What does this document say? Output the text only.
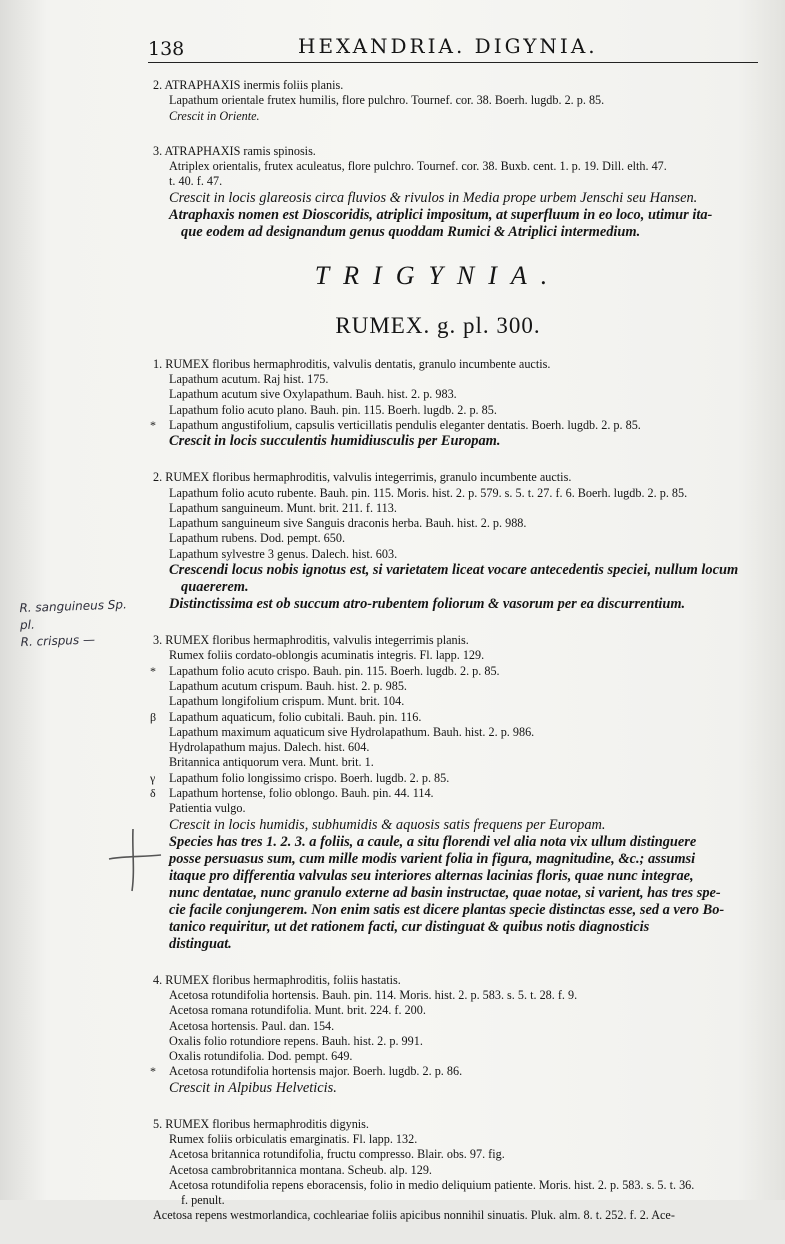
138	HEXANDRIA. DIGYNIA.
2. ATRAPHAXIS inermis foliis planis.
Lapathum orientale frutex humilis, flore pulchro. Tournef. cor. 38. Boerh. lugdb. 2. p. 85.
Crescit in Oriente.
3. ATRAPHAXIS ramis spinosis.
Atriplex orientalis, frutex aculeatus, flore pulchro. Tournef. cor. 38. Buxb. cent. 1. p. 19. Dill. elth. 47.
t. 40. f. 47.
Crescit in locis glareosis circa fluvios & rivulos in Media prope urbem Jenschi seu Hansen.
Atraphaxis nomen est Dioscoridis, atriplici impositum, at superfluum in eo loco, utimur ita-
que eodem ad designandum genus quoddam Rumici & Atriplici intermedium.
TRIGYNIA.
RUMEX. g. pl. 300.
1. RUMEX floribus hermaphroditis, valvulis dentatis, granulo incumbente auctis.
Lapathum acutum. Raj hist. 175.
Lapathum acutum sive Oxylapathum. Bauh. hist. 2. p. 983.
Lapathum folio acuto plano. Bauh. pin. 115. Boerh. lugdb. 2. p. 85.
* Lapathum angustifolium, capsulis verticillatis pendulis eleganter dentatis. Boerh. lugdb. 2. p. 85.
Crescit in locis succulentis humidiusculis per Europam.
2. RUMEX floribus hermaphroditis, valvulis integerrimis, granulo incumbente auctis.
Lapathum folio acuto rubente. Bauh. pin. 115. Moris. hist. 2. p. 579. s. 5. t. 27. f. 6. Boerh. lugdb. 2. p. 85.
Lapathum sanguineum. Munt. brit. 211. f. 113.
Lapathum sanguineum sive Sanguis draconis herba. Bauh. hist. 2. p. 988.
Lapathum rubens. Dod. pempt. 650.
Lapathum sylvestre 3 genus. Dalech. hist. 603.
Crescendi locus nobis ignotus est, si varietatem liceat vocare antecedentis speciei, nullum locum
quaererem.
Distinctissima est ob succum atro-rubentem foliorum & vasorum per ea discurrentium.
3. RUMEX floribus hermaphroditis, valvulis integerrimis planis.
Rumex foliis cordato-oblongis acuminatis integris. Fl. lapp. 129.
* Lapathum folio acuto crispo. Bauh. pin. 115. Boerh. lugdb. 2. p. 85.
Lapathum acutum crispum. Bauh. hist. 2. p. 985.
Lapathum longifolium crispum. Munt. brit. 104.
β Lapathum aquaticum, folio cubitali. Bauh. pin. 116.
Lapathum maximum aquaticum sive Hydrolapathum. Bauh. hist. 2. p. 986.
Hydrolapathum majus. Dalech. hist. 604.
Britannica antiquorum vera. Munt. brit. 1.
γ Lapathum folio longissimo crispo. Boerh. lugdb. 2. p. 85.
δ Lapathum hortense, folio oblongo. Bauh. pin. 44. 114.
Patientia vulgo.
Crescit in locis humidis, subhumidis & aquosis satis frequens per Europam.
Species has tres 1. 2. 3. a foliis, a caule, a situ florendi vel alia nota vix ullum distinguere
posse persuasus sum, cum mille modis varient folia in figura, magnitudine, &c.; assumsi
itaque pro differentia valvulas seu interiores alternas lacinias floris, quae nunc integrae,
nunc dentatae, nunc granulo externe ad basin instructae, quae notae, si varient, has tres spe-
cie facile conjungerem. Non enim satis est dicere plantas specie distinctas esse, sed a vero Bo-
tanico requiritur, ut det rationem facti, cur distinguat & quibus notis diagnosticis
distinguat.
4. RUMEX floribus hermaphroditis, foliis hastatis.
Acetosa rotundifolia hortensis. Bauh. pin. 114. Moris. hist. 2. p. 583. s. 5. t. 28. f. 9.
Acetosa romana rotundifolia. Munt. brit. 224. f. 200.
Acetosa hortensis. Paul. dan. 154.
Oxalis folio rotundiore repens. Bauh. hist. 2. p. 991.
Oxalis rotundifolia. Dod. pempt. 649.
* Acetosa rotundifolia hortensis major. Boerh. lugdb. 2. p. 86.
Crescit in Alpibus Helveticis.
5. RUMEX floribus hermaphroditis digynis.
Rumex foliis orbiculatis emarginatis. Fl. lapp. 132.
Acetosa britannica rotundifolia, fructu compresso. Blair. obs. 97. fig.
Acetosa cambrobritannica montana. Scheub. alp. 129.
Acetosa rotundifolia repens eboracensis, folio in medio deliquium patiente. Moris. hist. 2. p. 583. s. 5. t. 36.
f. penult.
Acetosa repens westmorlandica, cochleariae foliis apicibus nonnihil sinuatis. Pluk. alm. 8. t. 252. f. 2. Ace-
R. sanguineus Sp. pl.
R. crispus —
